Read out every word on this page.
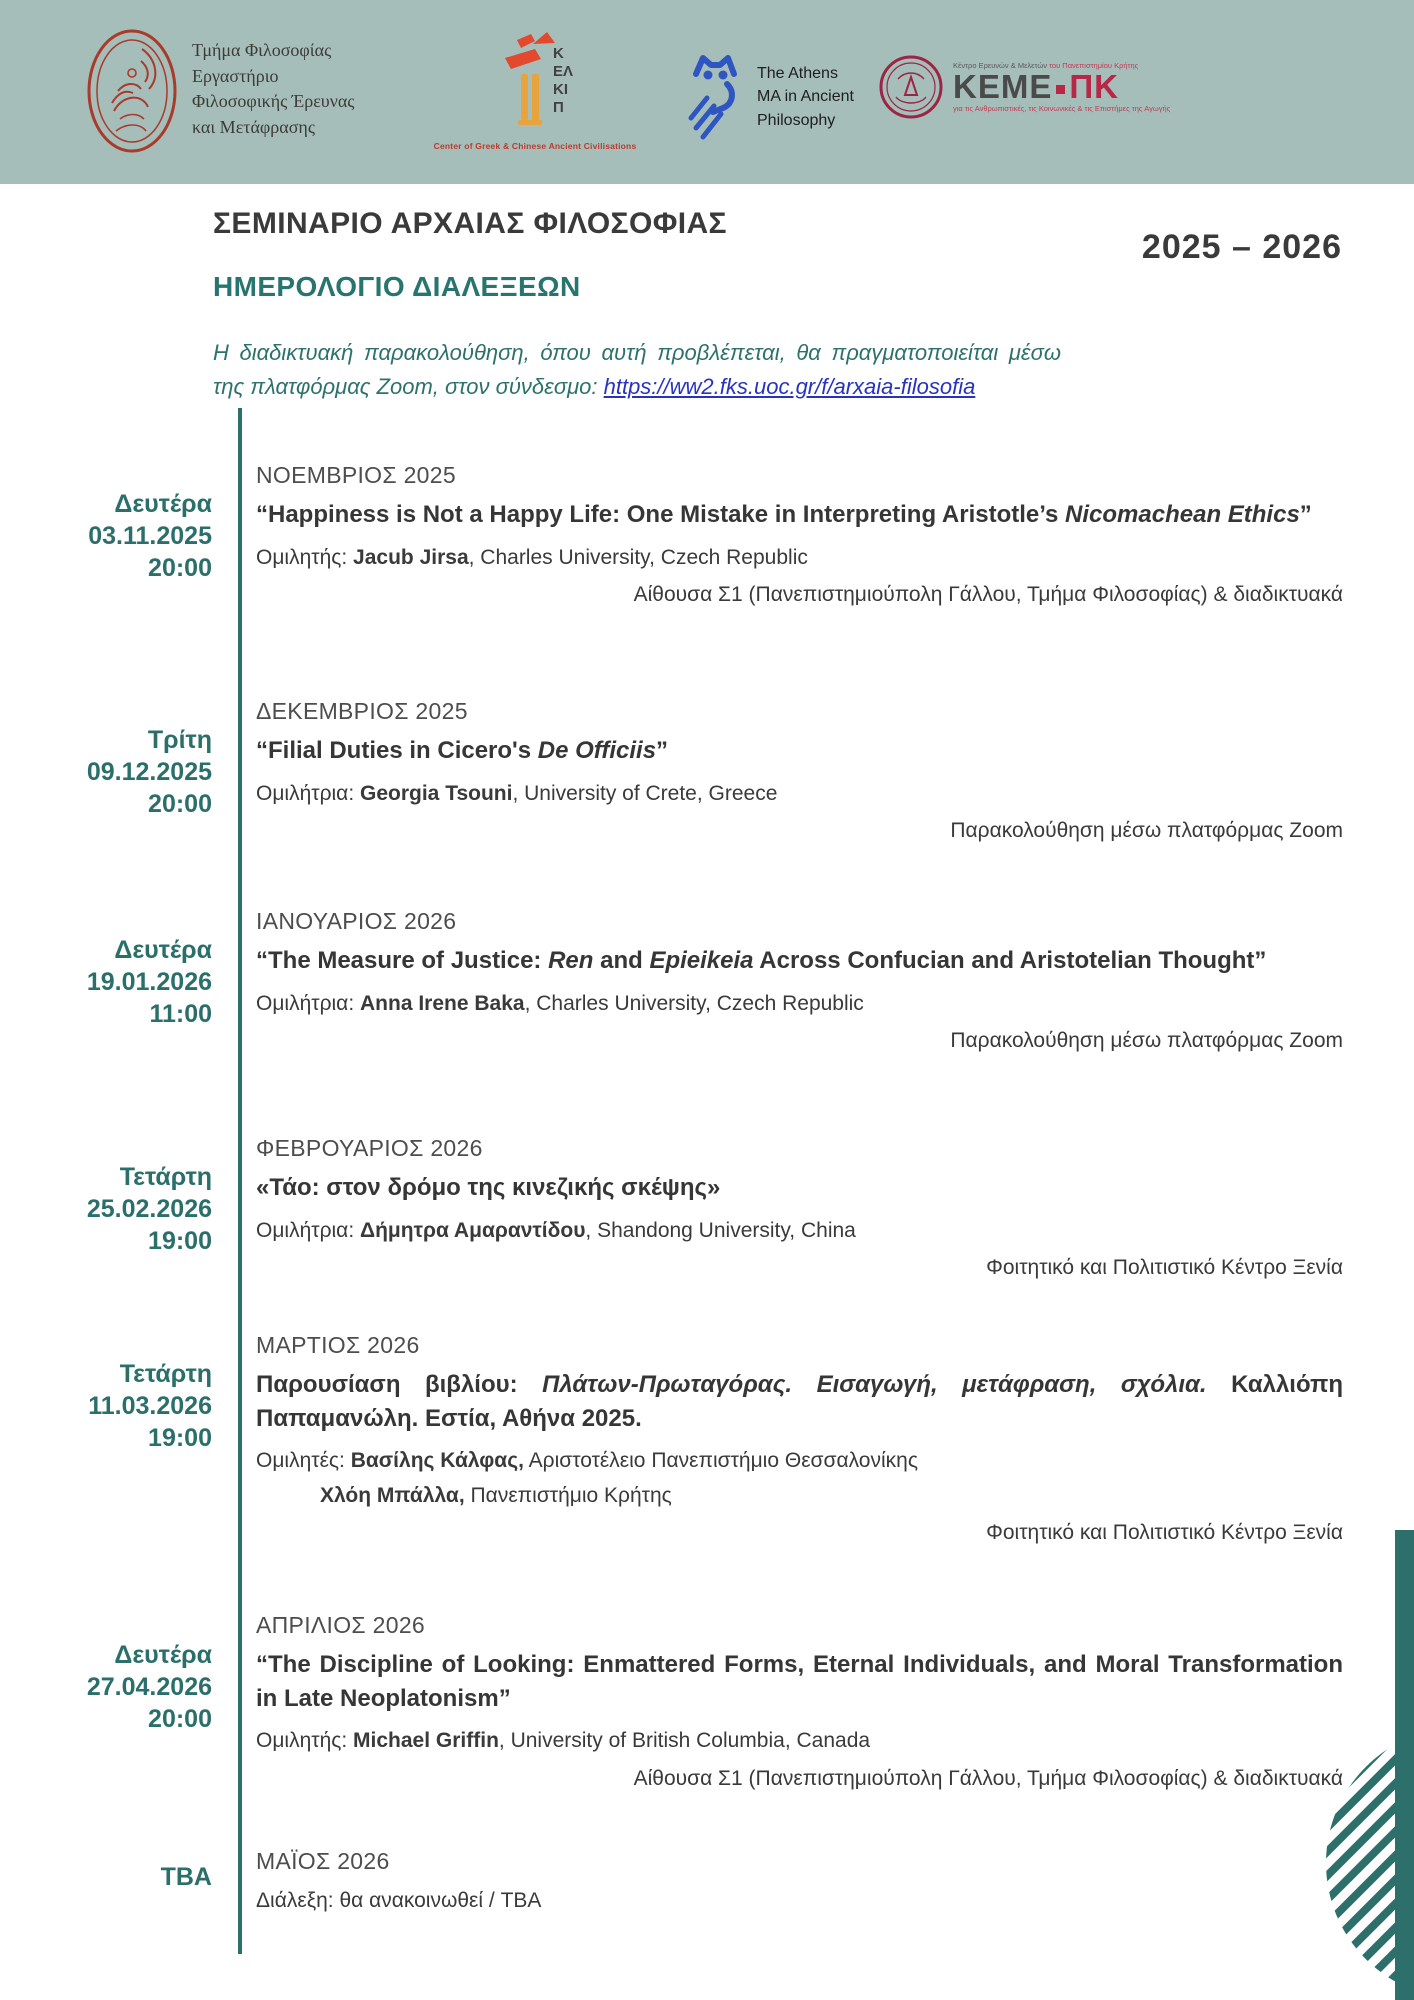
Τμήμα Φιλοσοφίας
Εργαστήριο
Φιλοσοφικής Έρευνας
και Μετάφρασης
Κ ΕΛ ΚΙ Π
Center of Greek & Chinese Ancient Civilisations
The Athens
MA in Ancient
Philosophy
Κέντρο Ερευνών & Μελετών του Πανεπιστημίου Κρήτης
ΚΕΜΕ ΠΚ
για τις Ανθρωπιστικές, τις Κοινωνικές & τις Επιστήμες της Αγωγής
ΣΕΜΙΝΑΡΙΟ ΑΡΧΑΙΑΣ ΦΙΛΟΣΟΦΙΑΣ
2025 – 2026
ΗΜΕΡΟΛΟΓΙΟ ΔΙΑΛΕΞΕΩΝ
Η διαδικτυακή παρακολούθηση, όπου αυτή προβλέπεται, θα πραγματοποιείται μέσω της πλατφόρμας Zoom, στον σύνδεσμο: https://ww2.fks.uoc.gr/f/arxaia-filosofia
Δευτέρα
03.11.2025
20:00
ΝΟΕΜΒΡΙΟΣ 2025
“Happiness is Not a Happy Life: One Mistake in Interpreting Aristotle’s Nicomachean Ethics”
Ομιλητής: Jacub Jirsa, Charles University, Czech Republic
Αίθουσα Σ1 (Πανεπιστημιούπολη Γάλλου, Τμήμα Φιλοσοφίας) & διαδικτυακά
Τρίτη
09.12.2025
20:00
ΔΕΚΕΜΒΡΙΟΣ 2025
“Filial Duties in Cicero's De Officiis”
Ομιλήτρια: Georgia Tsouni, University of Crete, Greece
Παρακολούθηση μέσω πλατφόρμας Zoom
Δευτέρα
19.01.2026
11:00
ΙΑΝΟΥΑΡΙΟΣ 2026
“The Measure of Justice: Ren and Epieikeia Across Confucian and Aristotelian Thought”
Ομιλήτρια: Anna Irene Baka, Charles University, Czech Republic
Παρακολούθηση μέσω πλατφόρμας Zoom
Τετάρτη
25.02.2026
19:00
ΦΕΒΡΟΥΑΡΙΟΣ 2026
«Τάο: στον δρόμο της κινεζικής σκέψης»
Ομιλήτρια: Δήμητρα Αμαραντίδου, Shandong University, China
Φοιτητικό και Πολιτιστικό Κέντρο Ξενία
Τετάρτη
11.03.2026
19:00
ΜΑΡΤΙΟΣ 2026
Παρουσίαση βιβλίου: Πλάτων-Πρωταγόρας. Εισαγωγή, μετάφραση, σχόλια. Καλλιόπη Παπαμανώλη. Εστία, Αθήνα 2025.
Ομιλητές: Βασίλης Κάλφας, Αριστοτέλειο Πανεπιστήμιο Θεσσαλονίκης
Χλόη Μπάλλα, Πανεπιστήμιο Κρήτης
Φοιτητικό και Πολιτιστικό Κέντρο Ξενία
Δευτέρα
27.04.2026
20:00
ΑΠΡΙΛΙΟΣ 2026
“The Discipline of Looking: Enmattered Forms, Eternal Individuals, and Moral Transformation in Late Neoplatonism”
Ομιλητής: Michael Griffin, University of British Columbia, Canada
Αίθουσα Σ1 (Πανεπιστημιούπολη Γάλλου, Τμήμα Φιλοσοφίας) & διαδικτυακά
TBA
ΜΑΪΟΣ 2026
Διάλεξη: θα ανακοινωθεί / TBA
